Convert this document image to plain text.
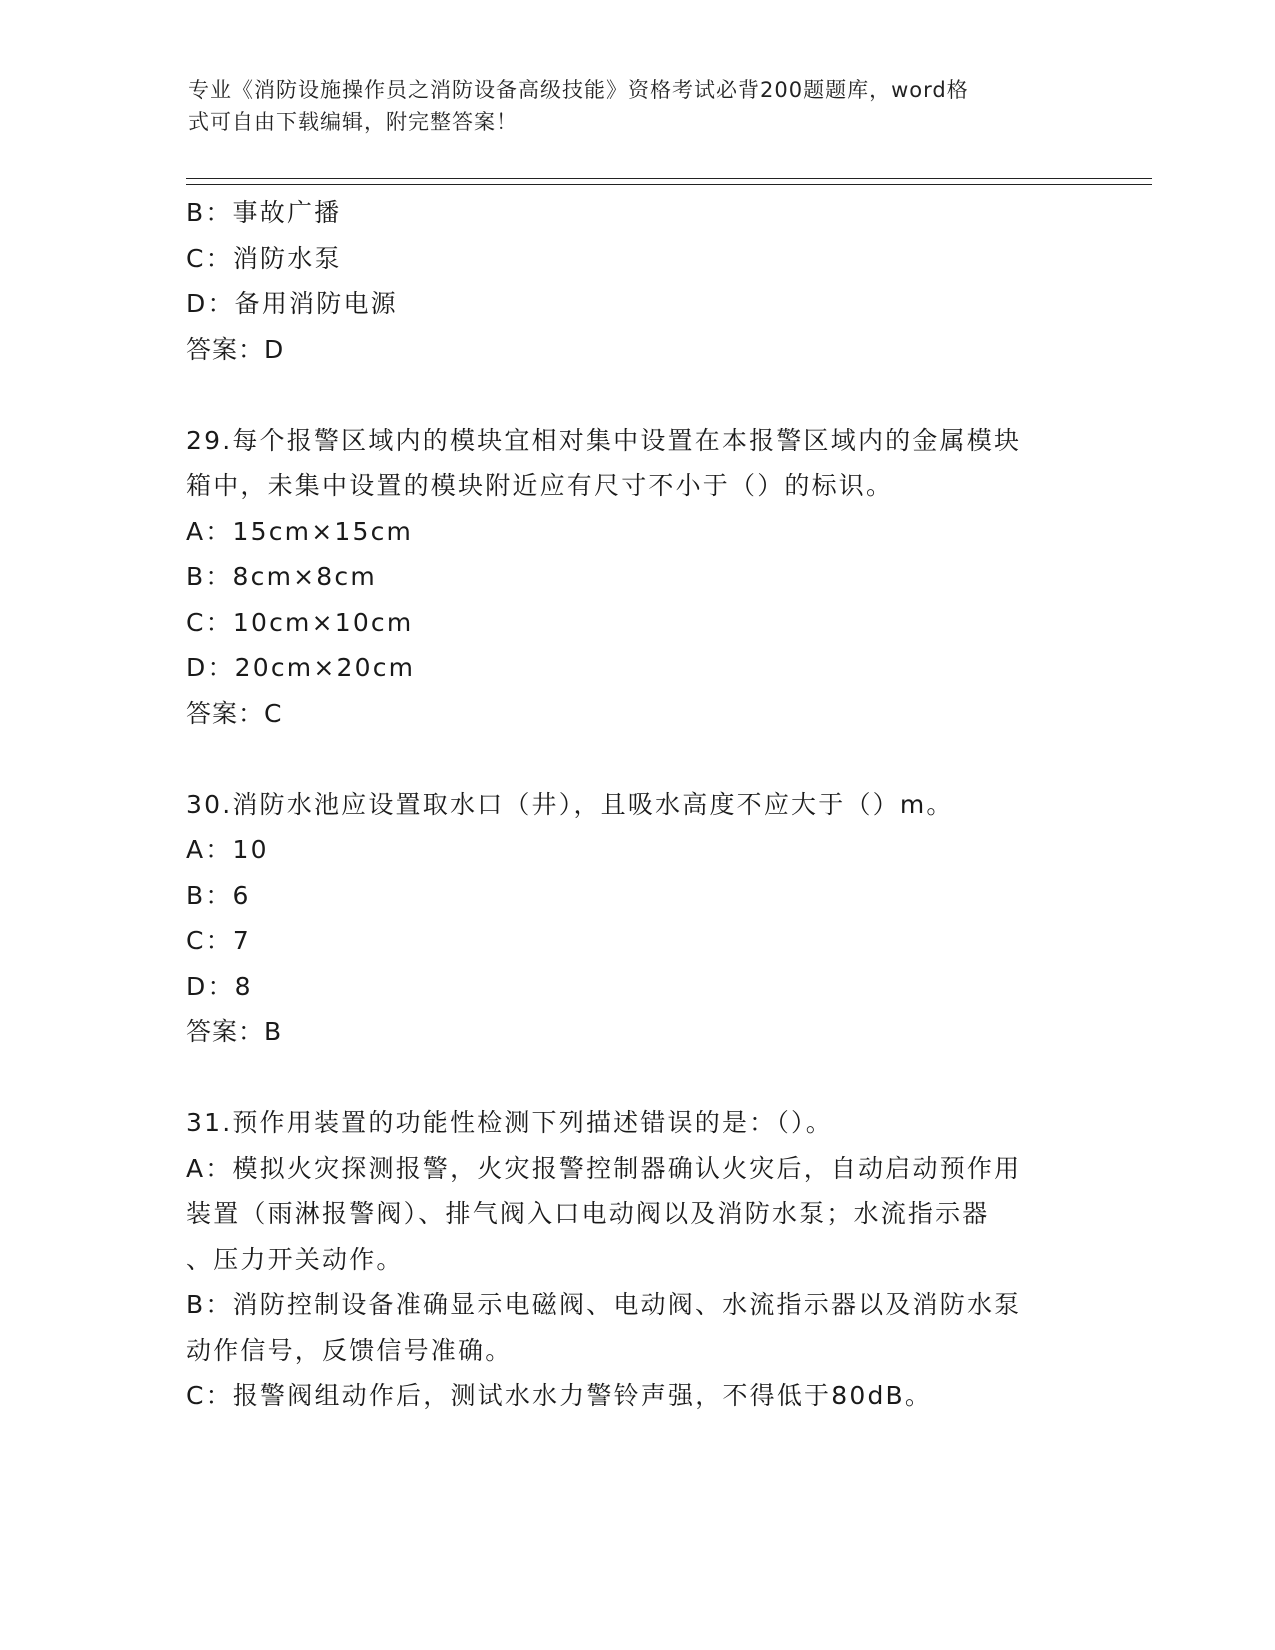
专业《消防设施操作员之消防设备高级技能》资格考试必背200题题库，word格
式可自由下载编辑，附完整答案！
B：事故广播
C：消防水泵
D：备用消防电源
答案：D
29.每个报警区域内的模块宜相对集中设置在本报警区域内的金属模块
箱中，未集中设置的模块附近应有尺寸不小于（）的标识。
A：15cm×15cm
B：8cm×8cm
C：10cm×10cm
D：20cm×20cm
答案：C
30.消防水池应设置取水口（井），且吸水高度不应大于（）m。
A：10
B：6
C：7
D：8
答案：B
31.预作用装置的功能性检测下列描述错误的是：（）。
A：模拟火灾探测报警，火灾报警控制器确认火灾后，自动启动预作用
装置（雨淋报警阀）、排气阀入口电动阀以及消防水泵；水流指示器
、压力开关动作。
B：消防控制设备准确显示电磁阀、电动阀、水流指示器以及消防水泵
动作信号，反馈信号准确。
C：报警阀组动作后，测试水水力警铃声强，不得低于80dB。
